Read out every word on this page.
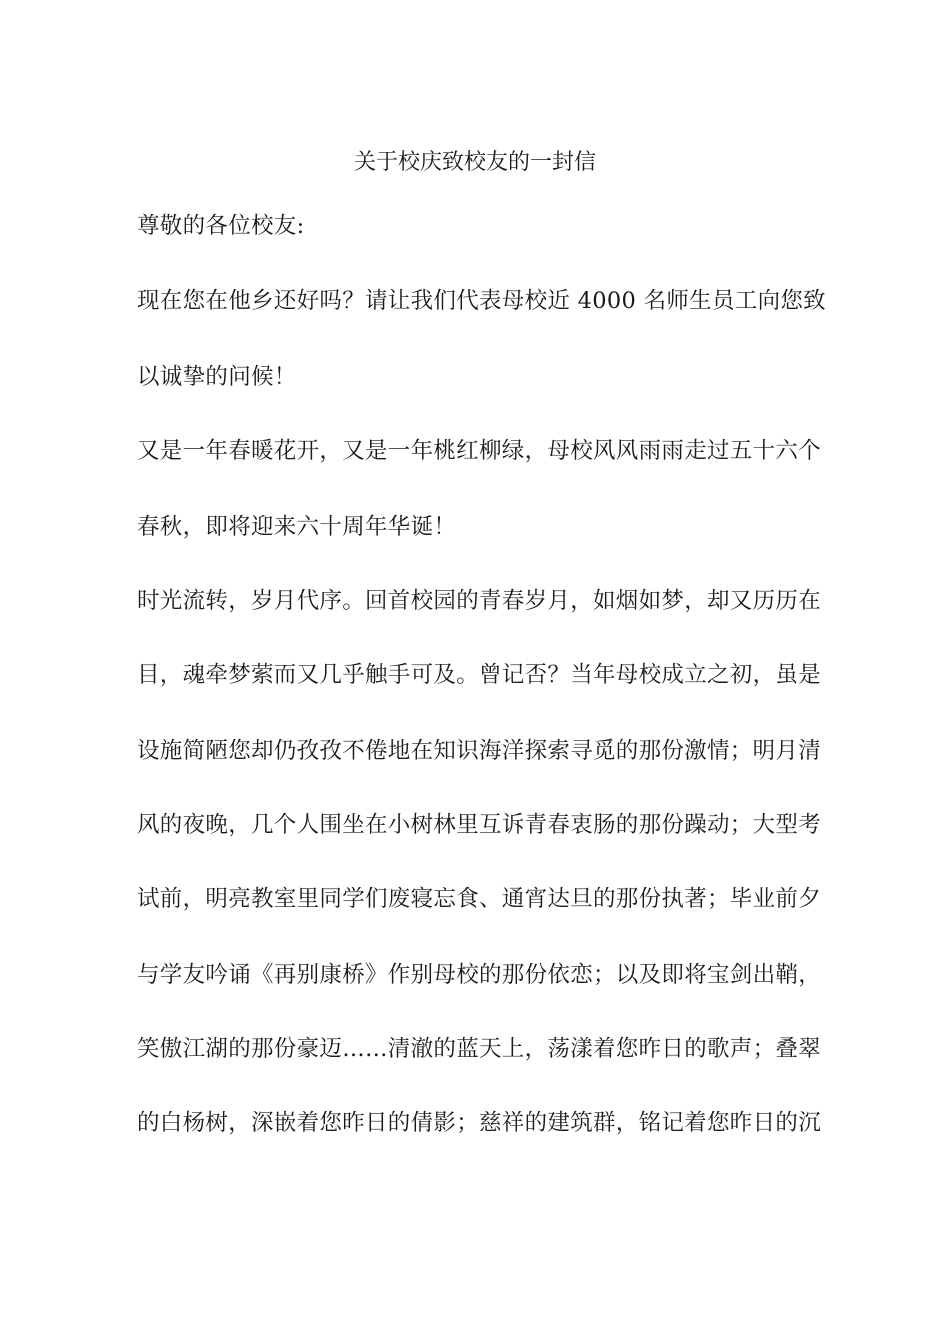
关于校庆致校友的一封信
尊敬的各位校友:
现在您在他乡还好吗？请让我们代表母校近 4000 名师生员工向您致
以诚挚的问候！
又是一年春暖花开，又是一年桃红柳绿，母校风风雨雨走过五十六个
春秋，即将迎来六十周年华诞！
时光流转，岁月代序。回首校园的青春岁月，如烟如梦，却又历历在
目，魂牵梦萦而又几乎触手可及。曾记否？当年母校成立之初，虽是
设施简陋您却仍孜孜不倦地在知识海洋探索寻觅的那份激情；明月清
风的夜晚，几个人围坐在小树林里互诉青春衷肠的那份躁动；大型考
试前，明亮教室里同学们废寝忘食、通宵达旦的那份执著；毕业前夕
与学友吟诵《再别康桥》作别母校的那份依恋；以及即将宝剑出鞘，
笑傲江湖的那份豪迈……清澈的蓝天上，荡漾着您昨日的歌声；叠翠
的白杨树，深嵌着您昨日的倩影；慈祥的建筑群，铭记着您昨日的沉
